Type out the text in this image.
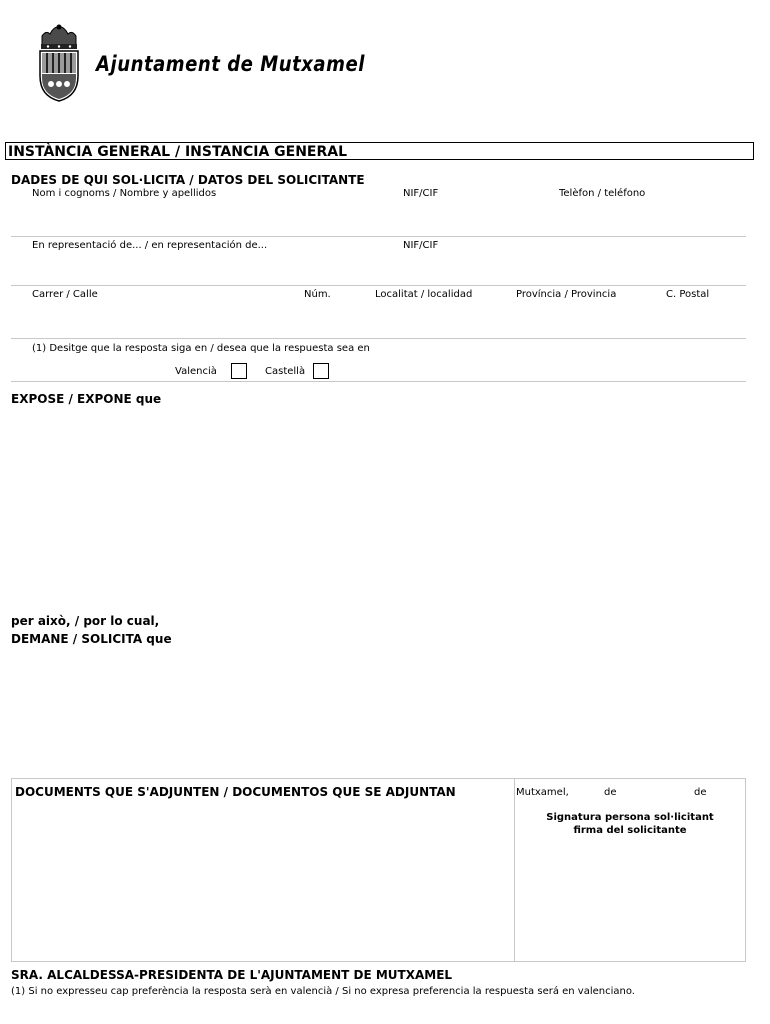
Ajuntament de Mutxamel
INSTÀNCIA GENERAL / INSTANCIA GENERAL
DADES DE QUI SOL·LICITA / DATOS DEL SOLICITANTE
Nom i cognoms / Nombre y apellidos	NIF/CIF	Telèfon / teléfono
En representació de... / en representación de...	NIF/CIF
Carrer / Calle	Núm.	Localitat / localidad	Província / Provincia	C. Postal
(1) Desitge que la resposta siga en / desea que la respuesta sea en
Valencià	Castellà
EXPOSE / EXPONE que
per això, / por lo cual,
DEMANE / SOLICITA que
DOCUMENTS QUE S'ADJUNTEN / DOCUMENTOS QUE SE ADJUNTAN	Mutxamel,	de	de
Signatura persona sol·licitant
firma del solicitante
SRA. ALCALDESSA-PRESIDENTA DE L'AJUNTAMENT DE MUTXAMEL
(1) Si no expresseu cap preferència la resposta serà en valencià / Si no expresa preferencia la respuesta será en valenciano.
